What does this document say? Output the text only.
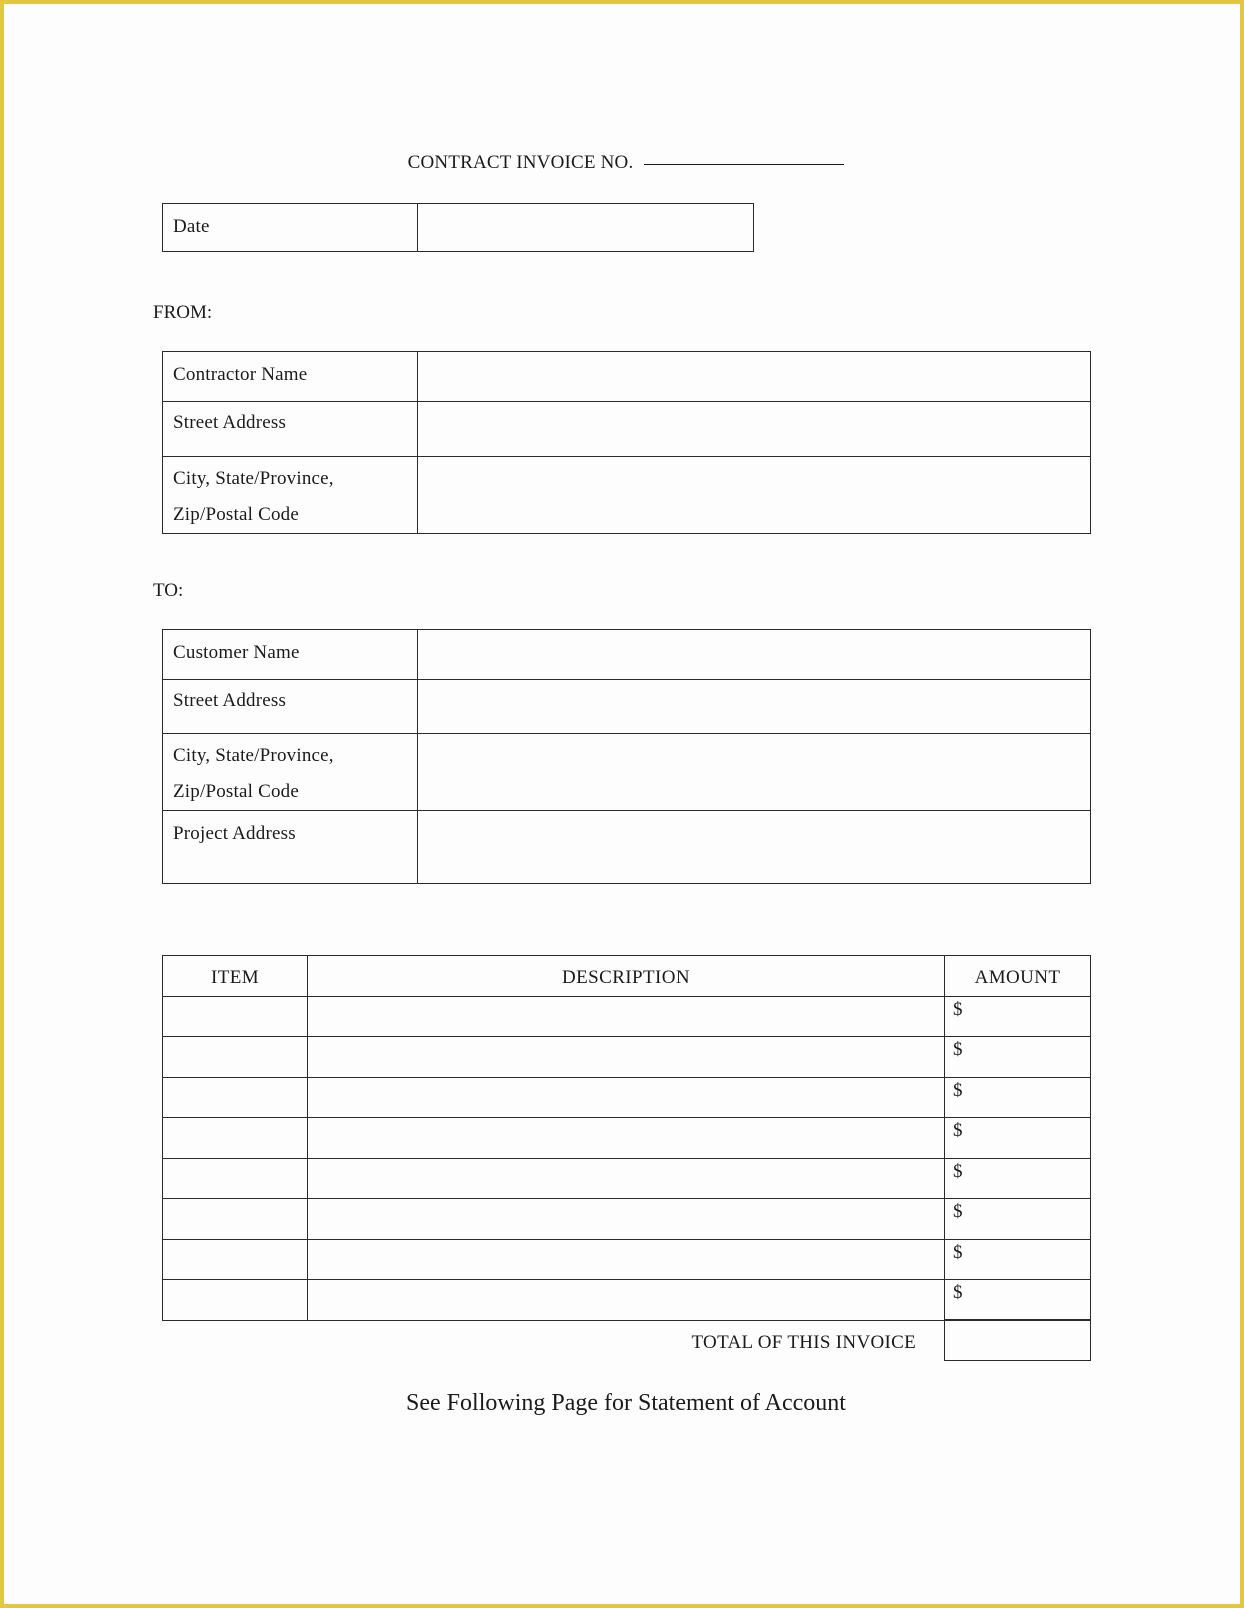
CONTRACT INVOICE NO.
Date	
FROM:
Contractor Name	
Street Address	

City, State/Province,
Zip/Postal Code	

TO:
Customer Name	
Street Address	

City, State/Province,
Zip/Postal Code	

Project Address	
ITEM	DESCRIPTION	AMOUNT
		$
		$
		$
		$
		$
		$
		$
		$
TOTAL OF THIS INVOICE
See Following Page for Statement of Account
